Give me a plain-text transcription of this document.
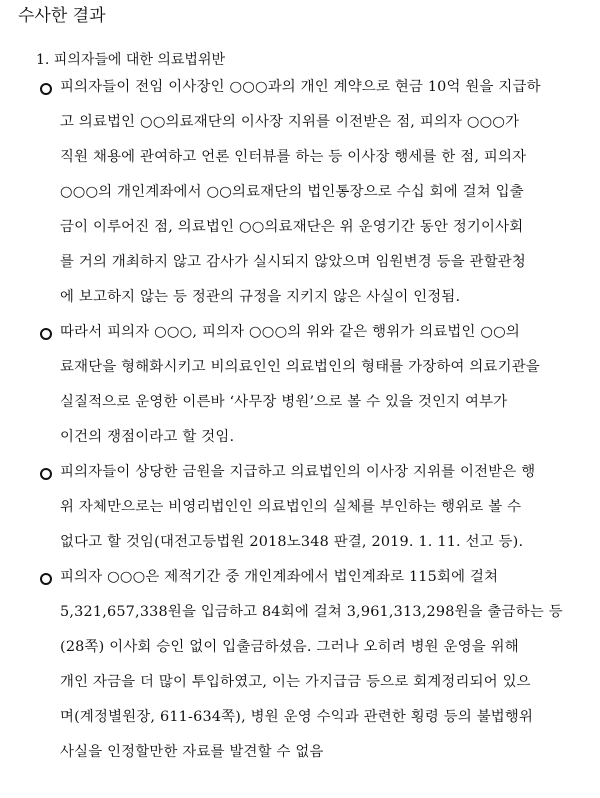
수사한 결과
1. 피의자들에 대한 의료법위반
피의자들이 전임 이사장인 ○○○과의 개인 계약으로 현금 10억 원을 지급하
고 의료법인 ○○의료재단의 이사장 지위를 이전받은 점, 피의자 ○○○가
직원 채용에 관여하고 언론 인터뷰를 하는 등 이사장 행세를 한 점, 피의자
○○○의 개인계좌에서 ○○의료재단의 법인통장으로 수십 회에 걸쳐 입출
금이 이루어진 점, 의료법인 ○○의료재단은 위 운영기간 동안 정기이사회
를 거의 개최하지 않고 감사가 실시되지 않았으며 임원변경 등을 관할관청
에 보고하지 않는 등 정관의 규정을 지키지 않은 사실이 인정됨.
따라서 피의자 ○○○, 피의자 ○○○의 위와 같은 행위가 의료법인 ○○의
료재단을 형해화시키고 비의료인인 의료법인의 형태를 가장하여 의료기관을
실질적으로 운영한 이른바 ‘사무장 병원’으로 볼 수 있을 것인지 여부가
이건의 쟁점이라고 할 것임.
피의자들이 상당한 금원을 지급하고 의료법인의 이사장 지위를 이전받은 행
위 자체만으로는 비영리법인인 의료법인의 실체를 부인하는 행위로 볼 수
없다고 할 것임(대전고등법원 2018노348 판결, 2019. 1. 11. 선고 등).
피의자 ○○○은 제적기간 중 개인계좌에서 법인계좌로 115회에 걸쳐
5,321,657,338원을 입금하고 84회에 걸쳐 3,961,313,298원을 출금하는 등
(28쪽) 이사회 승인 없이 입출금하셨음. 그러나 오히려 병원 운영을 위해
개인 자금을 더 많이 투입하였고, 이는 가지급금 등으로 회계정리되어 있으
며(계정별원장, 611-634쪽), 병원 운영 수익과 관련한 횡령 등의 불법행위
사실을 인정할만한 자료를 발견할 수 없음
